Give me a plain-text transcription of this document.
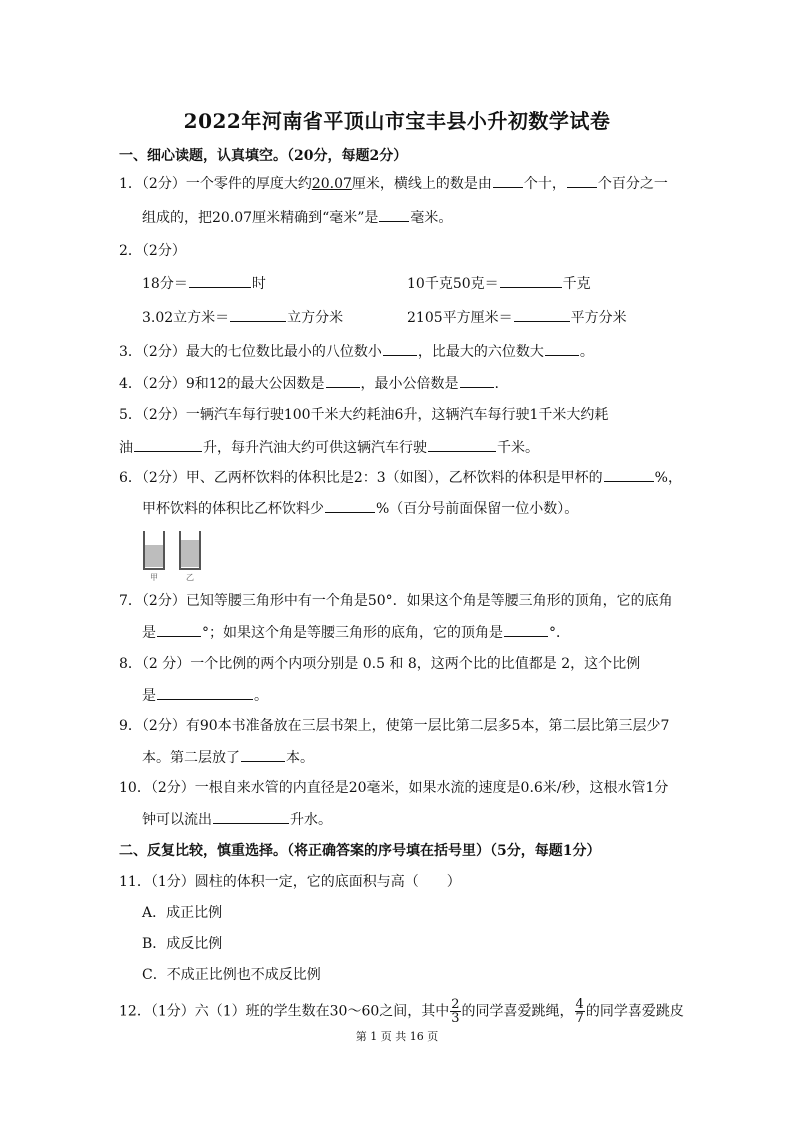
2022年河南省平顶山市宝丰县小升初数学试卷
一、细心读题，认真填空。（20分，每题2分）
1．（2分）一个零件的厚度大约20.07厘米，横线上的数是由 个十， 个百分之一
组成的，把20.07厘米精确到“毫米”是 毫米。
2．（2分）
18分＝	时	10千克50克＝	千克
3.02立方米＝	立方分米	2105平方厘米＝	平方分米
3．（2分）最大的七位数比最小的八位数小	，比最大的六位数大	。
4．（2分）9和12的最大公因数是	，最小公倍数是	.
5．（2分）一辆汽车每行驶100千米大约耗油6升，这辆汽车每行驶1千米大约耗
油	升，每升汽油大约可供这辆汽车行驶	千米。
6．（2分）甲、乙两杯饮料的体积比是2：3（如图），乙杯饮料的体积是甲杯的	%，
甲杯饮料的体积比乙杯饮料少	%（百分号前面保留一位小数）。
甲	乙
7．（2分）已知等腰三角形中有一个角是50°．如果这个角是等腰三角形的顶角，它的底角
是	°；如果这个角是等腰三角形的底角，它的顶角是	°．
8．（2 分）一个比例的两个内项分别是 0.5 和 8，这两个比的比值都是 2，这个比例
是	。
9．（2分）有90本书准备放在三层书架上，使第一层比第二层多5本，第二层比第三层少7
本。第二层放了	本。
10．（2分）一根自来水管的内直径是20毫米，如果水流的速度是0.6米/秒，这根水管1分
钟可以流出	升水。
二、反复比较，慎重选择。（将正确答案的序号填在括号里）（5分，每题1分）
11．（1分）圆柱的体积一定，它的底面积与高（　　）
A．成正比例
B．成反比例
C．不成正比例也不成反比例
12．（1分）六（1）班的学生数在30～60之间，其中 $\frac{2}{3}$ 的同学喜爱跳绳， $\frac{4}{7}$ 的同学喜爱跳皮
第 1 页 共 16 页
